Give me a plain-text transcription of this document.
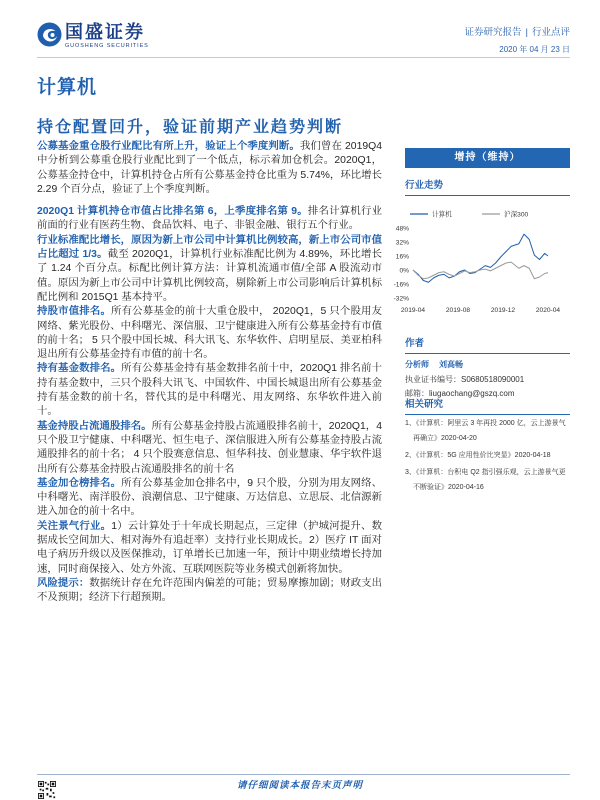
国盛证券
GUOSHENG SECURITIES
证券研究报告 | 行业点评
2020 年 04 月 23 日
计算机
持仓配置回升，验证前期产业趋势判断

公募基金重仓股行业配比有所上升，验证上个季度判断。我们曾在 2019Q4 中分析到公募重仓股行业配比到了一个低点，标示着加仓机会。2020Q1，公募基金持仓中，计算机持仓占所有公募基金持仓比重为 5.74%，环比增长 2.29 个百分点，验证了上个季度判断。

2020Q1 计算机持仓市值占比排名第 6，上季度排名第 9。排名计算机行业前面的行业有医药生物、食品饮料、电子、非银金融、银行五个行业。

行业标准配比增长，原因为新上市公司中计算机比例较高，新上市公司市值占比超过 1/3。截至 2020Q1，计算机行业标准配比例为 4.89%，环比增长了 1.24 个百分点。标配比例计算方法：计算机流通市值/全部 A 股流动市值。原因为新上市公司中计算机比例较高，剔除新上市公司影响后计算机标配比例和 2015Q1 基本持平。

持股市值排名。所有公募基金的前十大重仓股中， 2020Q1，5 只个股用友网络、紫光股份、中科曙光、深信服、卫宁健康进入所有公募基金持有市值的前十名； 5 只个股中国长城、科大讯飞、东华软件、启明星辰、美亚柏科退出所有公募基金持有市值的前十名。

持有基金数排名。所有公募基金持有基金数排名前十中，2020Q1 排名前十持有基金数中，三只个股科大讯飞、中国软件、中国长城退出所有公募基金持有基金数的前十名，替代其的是中科曙光、用友网络、东华软件进入前十。

基金持股占流通股排名。所有公募基金持股占流通股排名前十，2020Q1，4 只个股卫宁健康、中科曙光、恒生电子、深信服进入所有公募基金持股占流通股排名的前十名； 4 只个股赛意信息、恒华科技、创业慧康、华宇软件退出所有公募基金持股占流通股排名的前十名

基金加仓榜排名。所有公募基金加仓排名中，9 只个股，分别为用友网络、中科曙光、南洋股份、浪潮信息、卫宁健康、万达信息、立思辰、北信源新进入加仓的前十名中。

关注景气行业。1）云计算处于十年成长期起点，三定律（护城河提升、数据成长空间加大、相对海外有追赶率）支持行业长期成长。2）医疗 IT 面对电子病历升级以及医保推动，订单增长已加速一年，预计中期业绩增长持加速，同时商保接入、处方外流、互联网医院等业务模式创新将加快。

风险提示：数据统计存在允许范围内偏差的可能；贸易摩擦加剧；财政支出不及预期；经济下行超预期。

增持（维持）
行业走势
计算机	沪深300
48%
32%
16%
0%
-16%
-32%
2019-04	2019-08	2019-12	2020-04
作者
分析师 刘高畅
执业证书编号：S0680518090001
邮箱：liugaochang@gszq.com
相关研究
1、《计算机：阿里云 3 年再投 2000 亿，云上游景气再确立》2020-04-20
2、《计算机：5G 应用性价比突显》2020-04-18
3、《计算机：台积电 Q2 指引强乐观，云上游景气更不断验证》2020-04-16
请仔细阅读本报告末页声明
